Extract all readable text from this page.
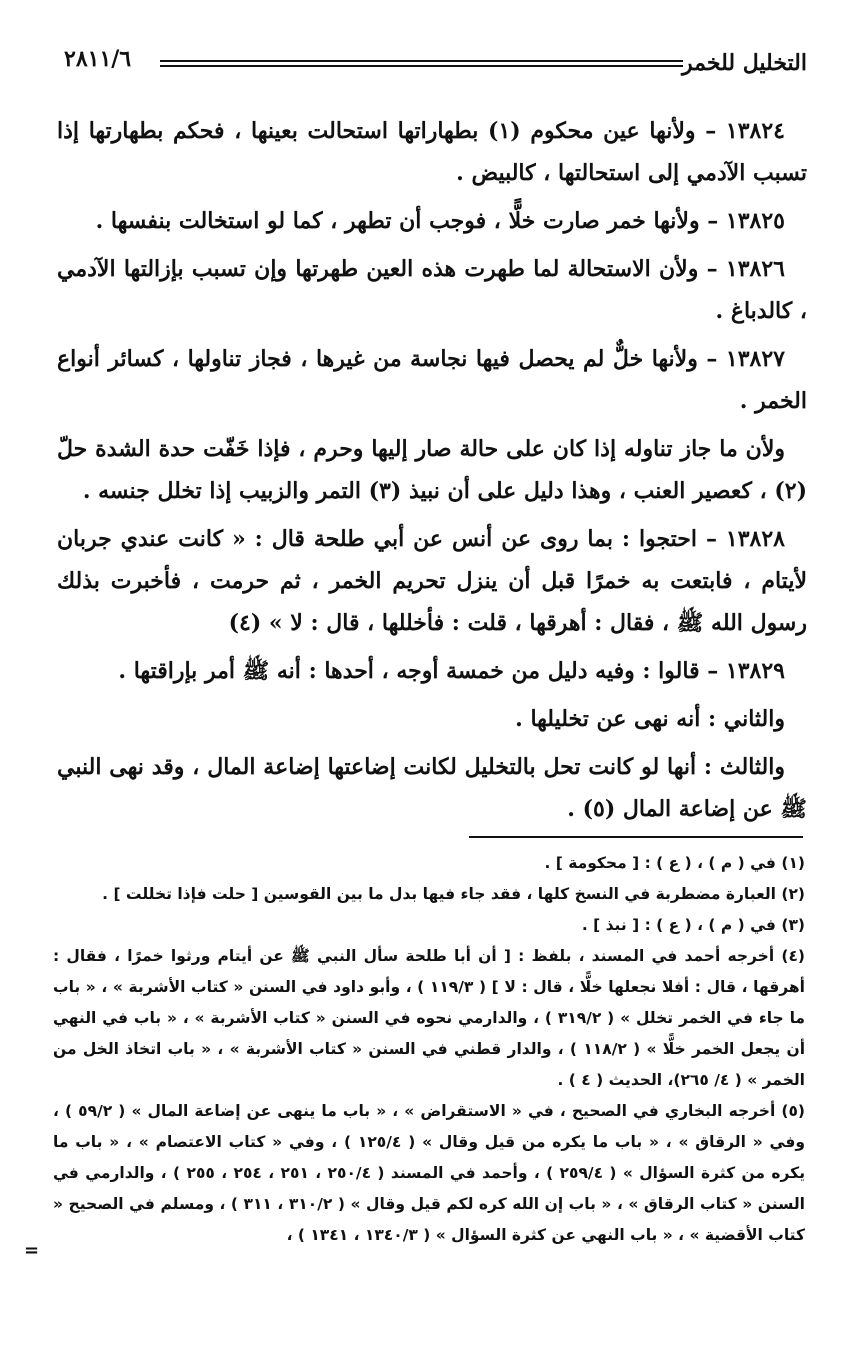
التخليل للخمر
٢٨١١/٦

١٣٨٢٤ – ولأنها عين محكوم (١) بطهاراتها استحالت بعينها ، فحكم بطهارتها إذا تسبب الآدمي إلى استحالتها ، كالبيض .

١٣٨٢٥ – ولأنها خمر صارت خلًّا ، فوجب أن تطهر ، كما لو استخالت بنفسها .

١٣٨٢٦ – ولأن الاستحالة لما طهرت هذه العين طهرتها وإن تسبب بإزالتها الآدمي ، كالدباغ .

١٣٨٢٧ – ولأنها خلٌّ لم يحصل فيها نجاسة من غيرها ، فجاز تناولها ، كسائر أنواع الخمر .

ولأن ما جاز تناوله إذا كان على حالة صار إليها وحرم ، فإذا خَفّت حدة الشدة حلّ (٢) ، كعصير العنب ، وهذا دليل على أن نبيذ (٣) التمر والزبيب إذا تخلل جنسه .

١٣٨٢٨ – احتجوا : بما روى عن أنس عن أبي طلحة قال : « كانت عندي جربان لأيتام ، فابتعت به خمرًا قبل أن ينزل تحريم الخمر ، ثم حرمت ، فأخبرت بذلك رسول الله ﷺ ، فقال : أهرقها ، قلت : فأخللها ، قال : لا » (٤)

١٣٨٢٩ – قالوا : وفيه دليل من خمسة أوجه ، أحدها : أنه ﷺ أمر بإراقتها .

والثاني : أنه نهى عن تخليلها .

والثالث : أنها لو كانت تحل بالتخليل لكانت إضاعتها إضاعة المال ، وقد نهى النبي ﷺ عن إضاعة المال (٥) .

(١) في ( م ) ، ( ع ) : [ محكومة ] .

(٢) العبارة مضطربة في النسخ كلها ، فقد جاء فيها بدل ما بين القوسين [ حلت فإذا تخللت ] .

(٣) في ( م ) ، ( ع ) : [ نبذ ] .

(٤) أخرجه أحمد في المسند ، بلفظ : [ أن أبا طلحة سأل النبي ﷺ عن أيتام ورثوا خمرًا ، فقال : أهرقها ، قال : أفلا نجعلها خلًّا ، قال : لا ] ( ١١٩/٣ ) ، وأبو داود في السنن « كتاب الأشربة » ، « باب ما جاء في الخمر تخلل » ( ٣١٩/٢ ) ، والدارمي نحوه في السنن « كتاب الأشربة » ، « باب في النهي أن يجعل الخمر خلًّا » ( ١١٨/٢ ) ، والدار قطني في السنن « كتاب الأشربة » ، « باب اتخاذ الخل من الخمر » ( ٤/ ٢٦٥)، الحديث ( ٤ ) .

(٥) أخرجه البخاري في الصحيح ، في « الاستقراض » ، « باب ما ينهى عن إضاعة المال » ( ٥٩/٢ ) ، وفي « الرقاق » ، « باب ما يكره من قيل وقال » ( ١٢٥/٤ ) ، وفي « كتاب الاعتصام » ، « باب ما يكره من كثرة السؤال » ( ٢٥٩/٤ ) ، وأحمد في المسند ( ٢٥٠/٤ ، ٢٥١ ، ٢٥٤ ، ٢٥٥ ) ، والدارمي في السنن « كتاب الرقاق » ، « باب إن الله كره لكم قيل وقال » ( ٣١٠/٢ ، ٣١١ ) ، ومسلم في الصحيح « كتاب الأقضية » ، « باب النهي عن كثرة السؤال » ( ١٣٤٠/٣ ، ١٣٤١ ) ،

=
